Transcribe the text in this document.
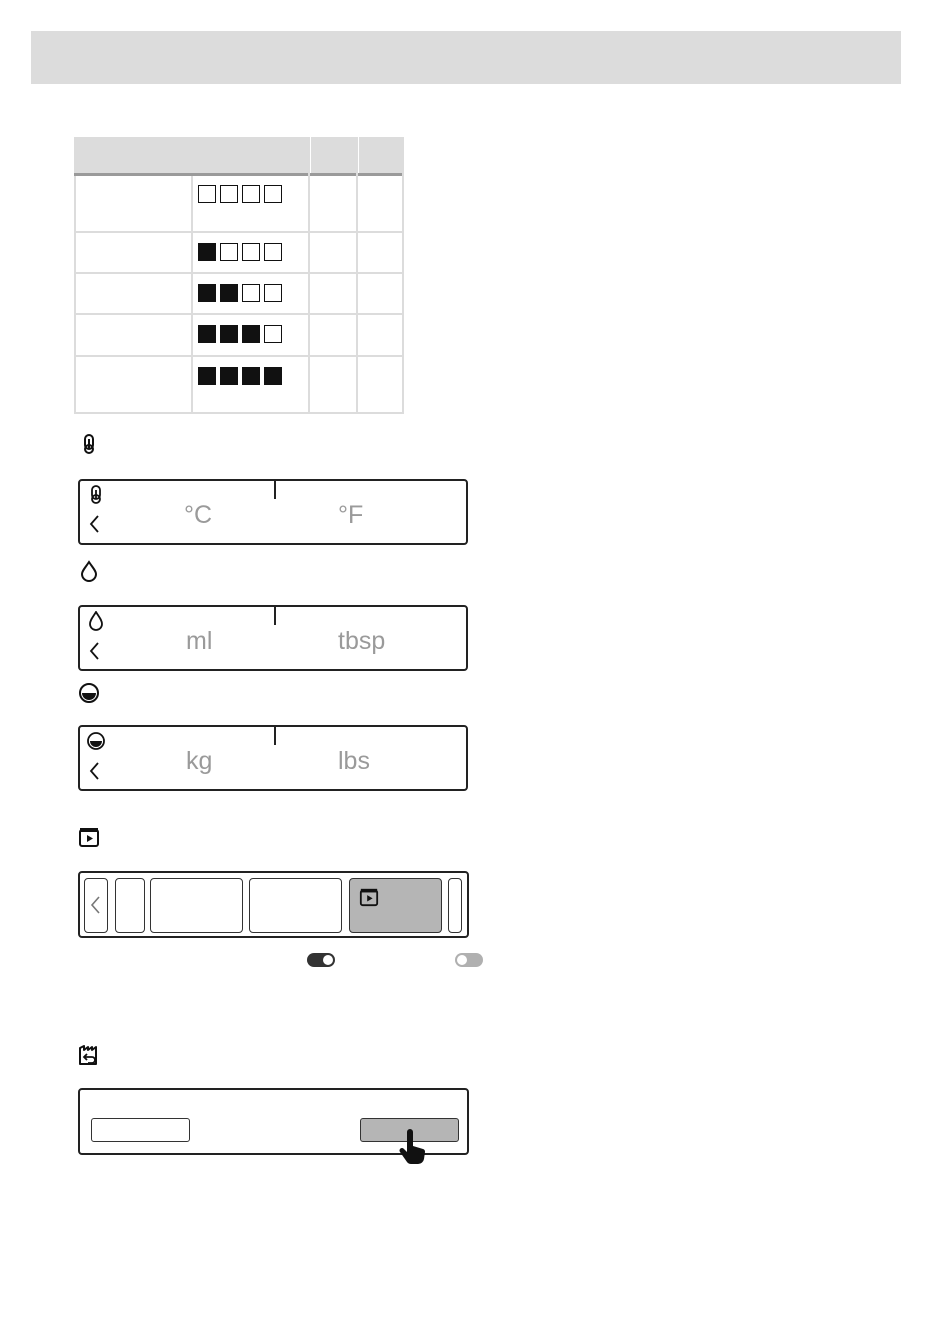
°C	°F
ml	tbsp
kg	lbs
